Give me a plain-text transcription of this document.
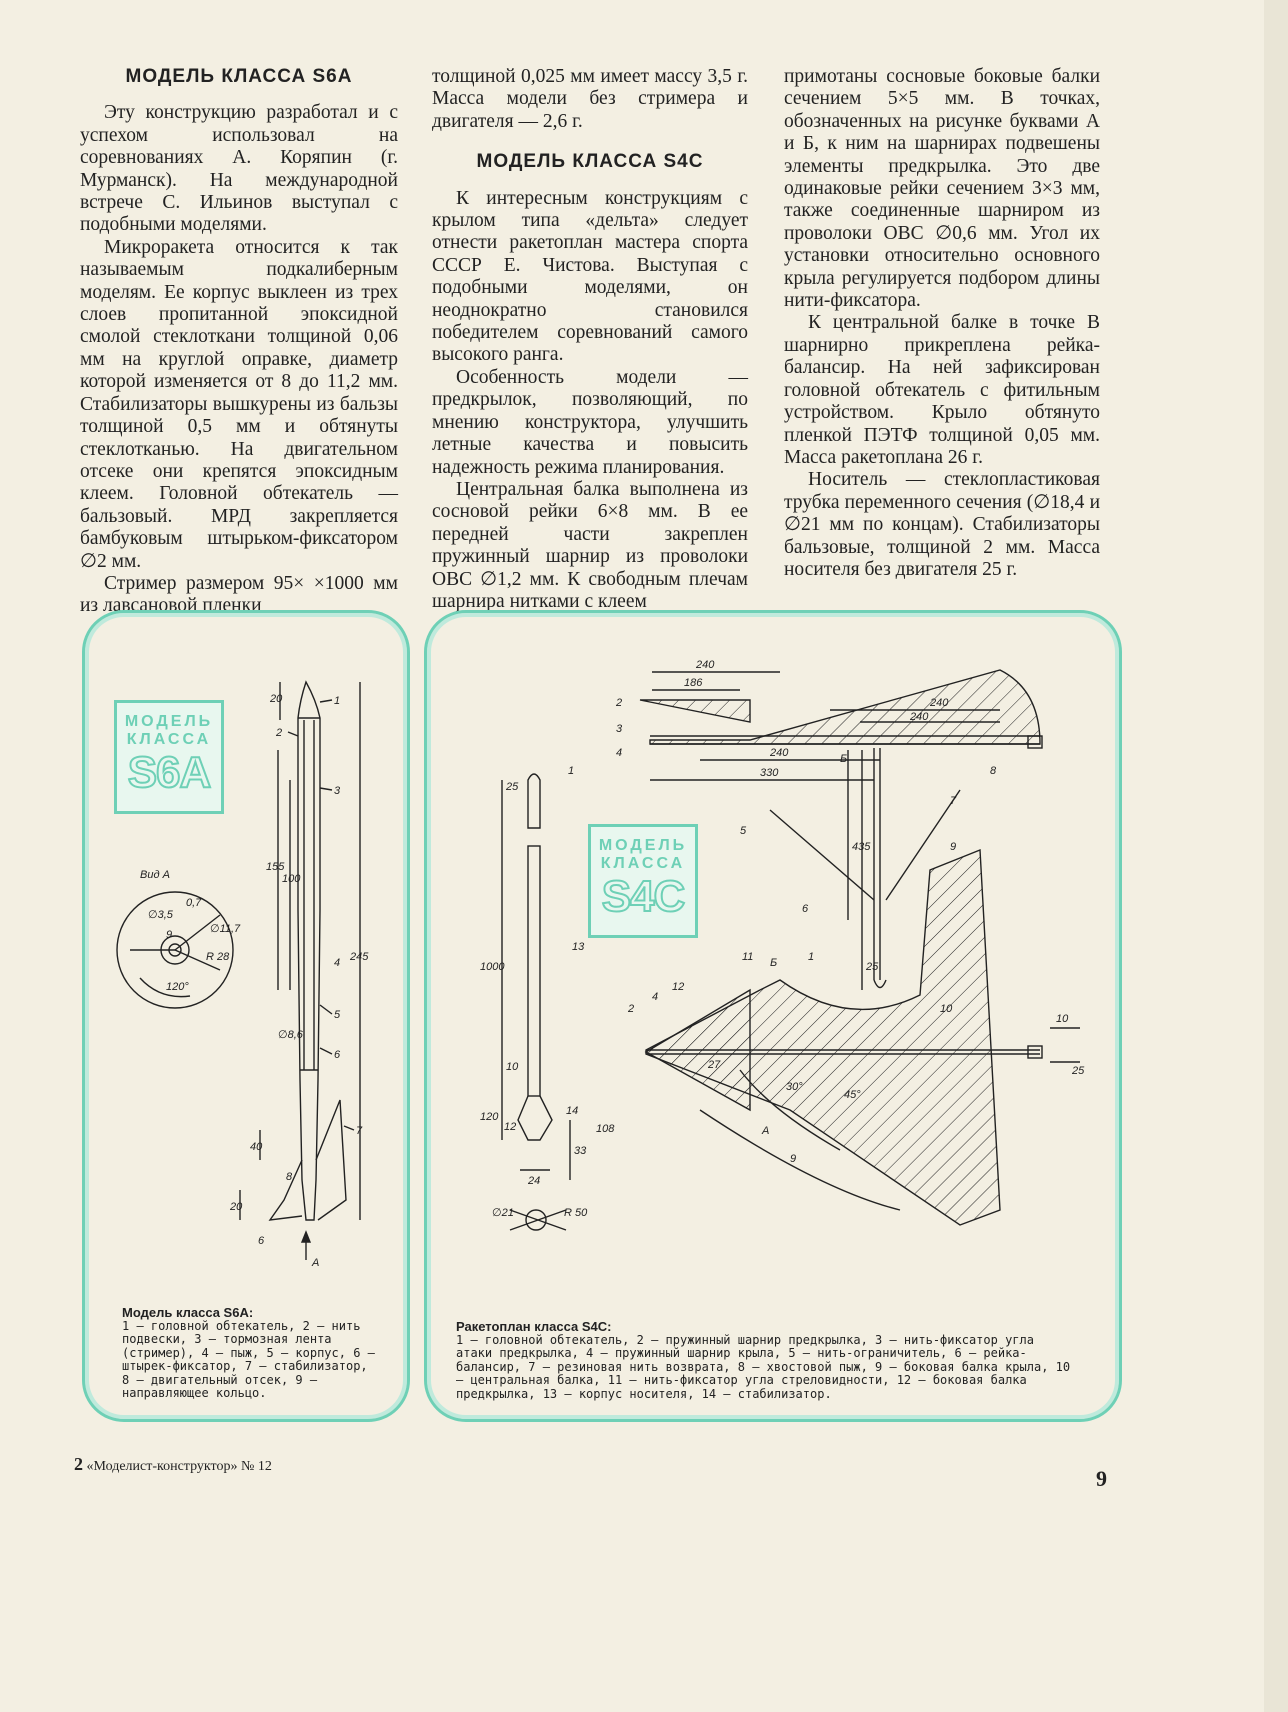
МОДЕЛЬ КЛАССА S6A

Эту конструкцию разработал и с успехом использовал на соревнованиях А. Коряпин (г. Мурманск). На международной встрече С. Ильинов выступал с подобными моделями.

Микроракета относится к так называемым подкалиберным моделям. Ее корпус выклеен из трех слоев пропитанной эпоксидной смолой стеклоткани толщиной 0,06 мм на круглой оправке, диаметр которой изменяется от 8 до 11,2 мм. Стабилизаторы вышкурены из бальзы толщиной 0,5 мм и обтянуты стеклотканью. На двигательном отсеке они крепятся эпоксидным клеем. Головной обтекатель — бальзовый. МРД закрепляется бамбуковым штырьком-фиксатором ∅2 мм.

Стример размером 95× ×1000 мм из лавсановой пленки

толщиной 0,025 мм имеет массу 3,5 г. Масса модели без стримера и двигателя — 2,6 г.

МОДЕЛЬ КЛАССА S4C

К интересным конструкциям с крылом типа «дельта» следует отнести ракетоплан мастера спорта СССР Е. Чистова. Выступая с подобными моделями, он неоднократно становился победителем соревнований самого высокого ранга.

Особенность модели — предкрылок, позволяющий, по мнению конструктора, улучшить летные качества и повысить надежность режима планирования.

Центральная балка выполнена из сосновой рейки 6×8 мм. В ее передней части закреплен пружинный шарнир из проволоки ОВС ∅1,2 мм. К свободным плечам шарнира нитками с клеем

примотаны сосновые боковые балки сечением 5×5 мм. В точках, обозначенных на рисунке буквами А и Б, к ним на шарнирах подвешены элементы предкрылка. Это две одинаковые рейки сечением 3×3 мм, также соединенные шарниром из проволоки ОВС ∅0,6 мм. Угол их установки относительно основного крыла регулируется подбором длины нити-фиксатора.

К центральной балке в точке В шарнирно прикреплена рейка-балансир. На ней зафиксирован головной обтекатель с фитильным устройством. Крыло обтянуто пленкой ПЭТФ толщиной 0,05 мм. Масса ракетоплана 26 г.

Носитель — стеклопластиковая трубка переменного сечения (∅18,4 и ∅21 мм по концам). Стабилизаторы бальзовые, толщиной 2 мм. Масса носителя без двигателя 25 г.

МОДЕЛЬ
КЛАССА
S6A
1
2
3
4
5
6
7
8
9
Вид А
А
20
155
100
245
∅8,6
40
20
6
∅3,5
0,7
∅11,7
R 28
120°
Модель класса S6A:
1 — головной обтекатель, 2 — нить подвески, 3 — тормозная лента (стример), 4 — пыж, 5 — корпус, 6 — штырек-фиксатор, 7 — стабилизатор, 8 — двигательный отсек, 9 — направляющее кольцо.
МОДЕЛЬ
КЛАССА
S4C
1
2
3
4
5
6
7
8
9
9
10
11
12
13
14
1
2
4
Б
Б
А
240
186
240
240
240
330
435
25
25
1000
10
120
12	108
33
24
∅21	R 50
10
25
27
30°
45°
Ракетоплан класса S4C:
1 — головной обтекатель, 2 — пружинный шарнир предкрылка, 3 — нить-фиксатор угла атаки предкрылка, 4 — пружинный шарнир крыла, 5 — нить-ограничитель, 6 — рейка-балансир, 7 — резиновая нить возврата, 8 — хвостовой пыж, 9 — боковая балка крыла, 10 — центральная балка, 11 — нить-фиксатор угла стреловидности, 12 — боковая балка предкрылка, 13 — корпус носителя, 14 — стабилизатор.
2 «Моделист-конструктор» № 12	9
